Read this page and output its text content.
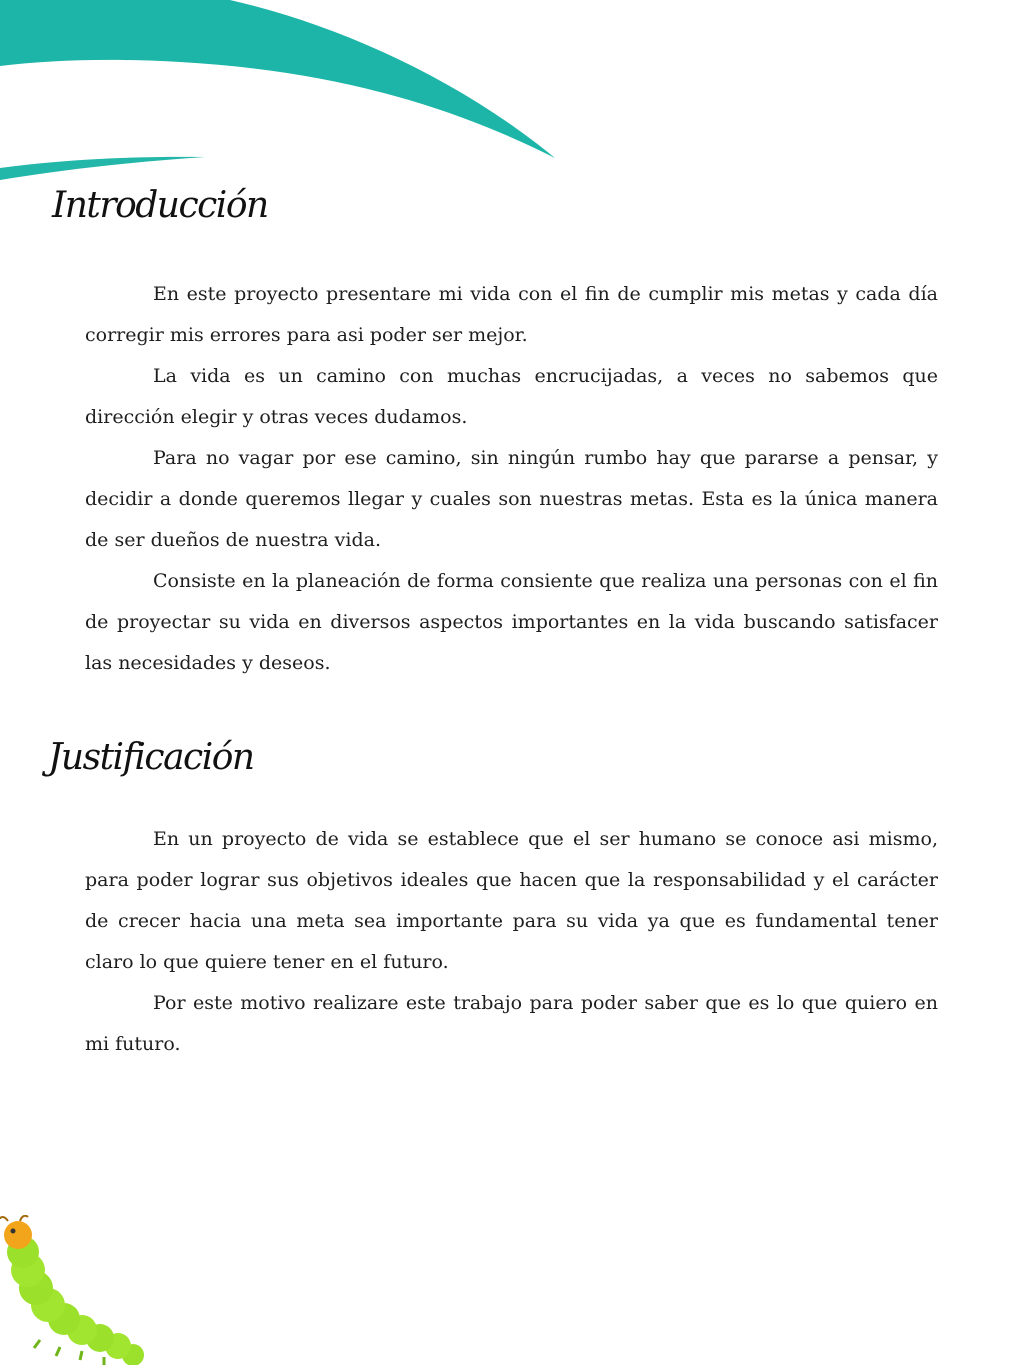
Introducción

En este proyecto presentare mi vida con el fin de cumplir mis metas y cada día corregir mis errores para asi poder ser mejor.

La vida es un camino con muchas encrucijadas, a veces no sabemos que dirección elegir y otras veces dudamos.

Para no vagar por ese camino, sin ningún rumbo hay que pararse a pensar, y decidir a donde queremos llegar y cuales son nuestras metas. Esta es la única manera de ser dueños de nuestra vida.

Consiste en la planeación de forma consiente que realiza una personas con el fin de proyectar su vida en diversos aspectos importantes en la vida buscando satisfacer las necesidades y deseos.

Justificación

En un proyecto de vida se establece que el ser humano se conoce asi mismo, para poder lograr sus objetivos ideales que hacen que la responsabilidad y el carácter de crecer hacia una meta sea importante para su vida ya que es fundamental tener claro lo que quiere tener en el futuro.

Por este motivo realizare este trabajo para poder saber que es lo que quiero en mi futuro.
